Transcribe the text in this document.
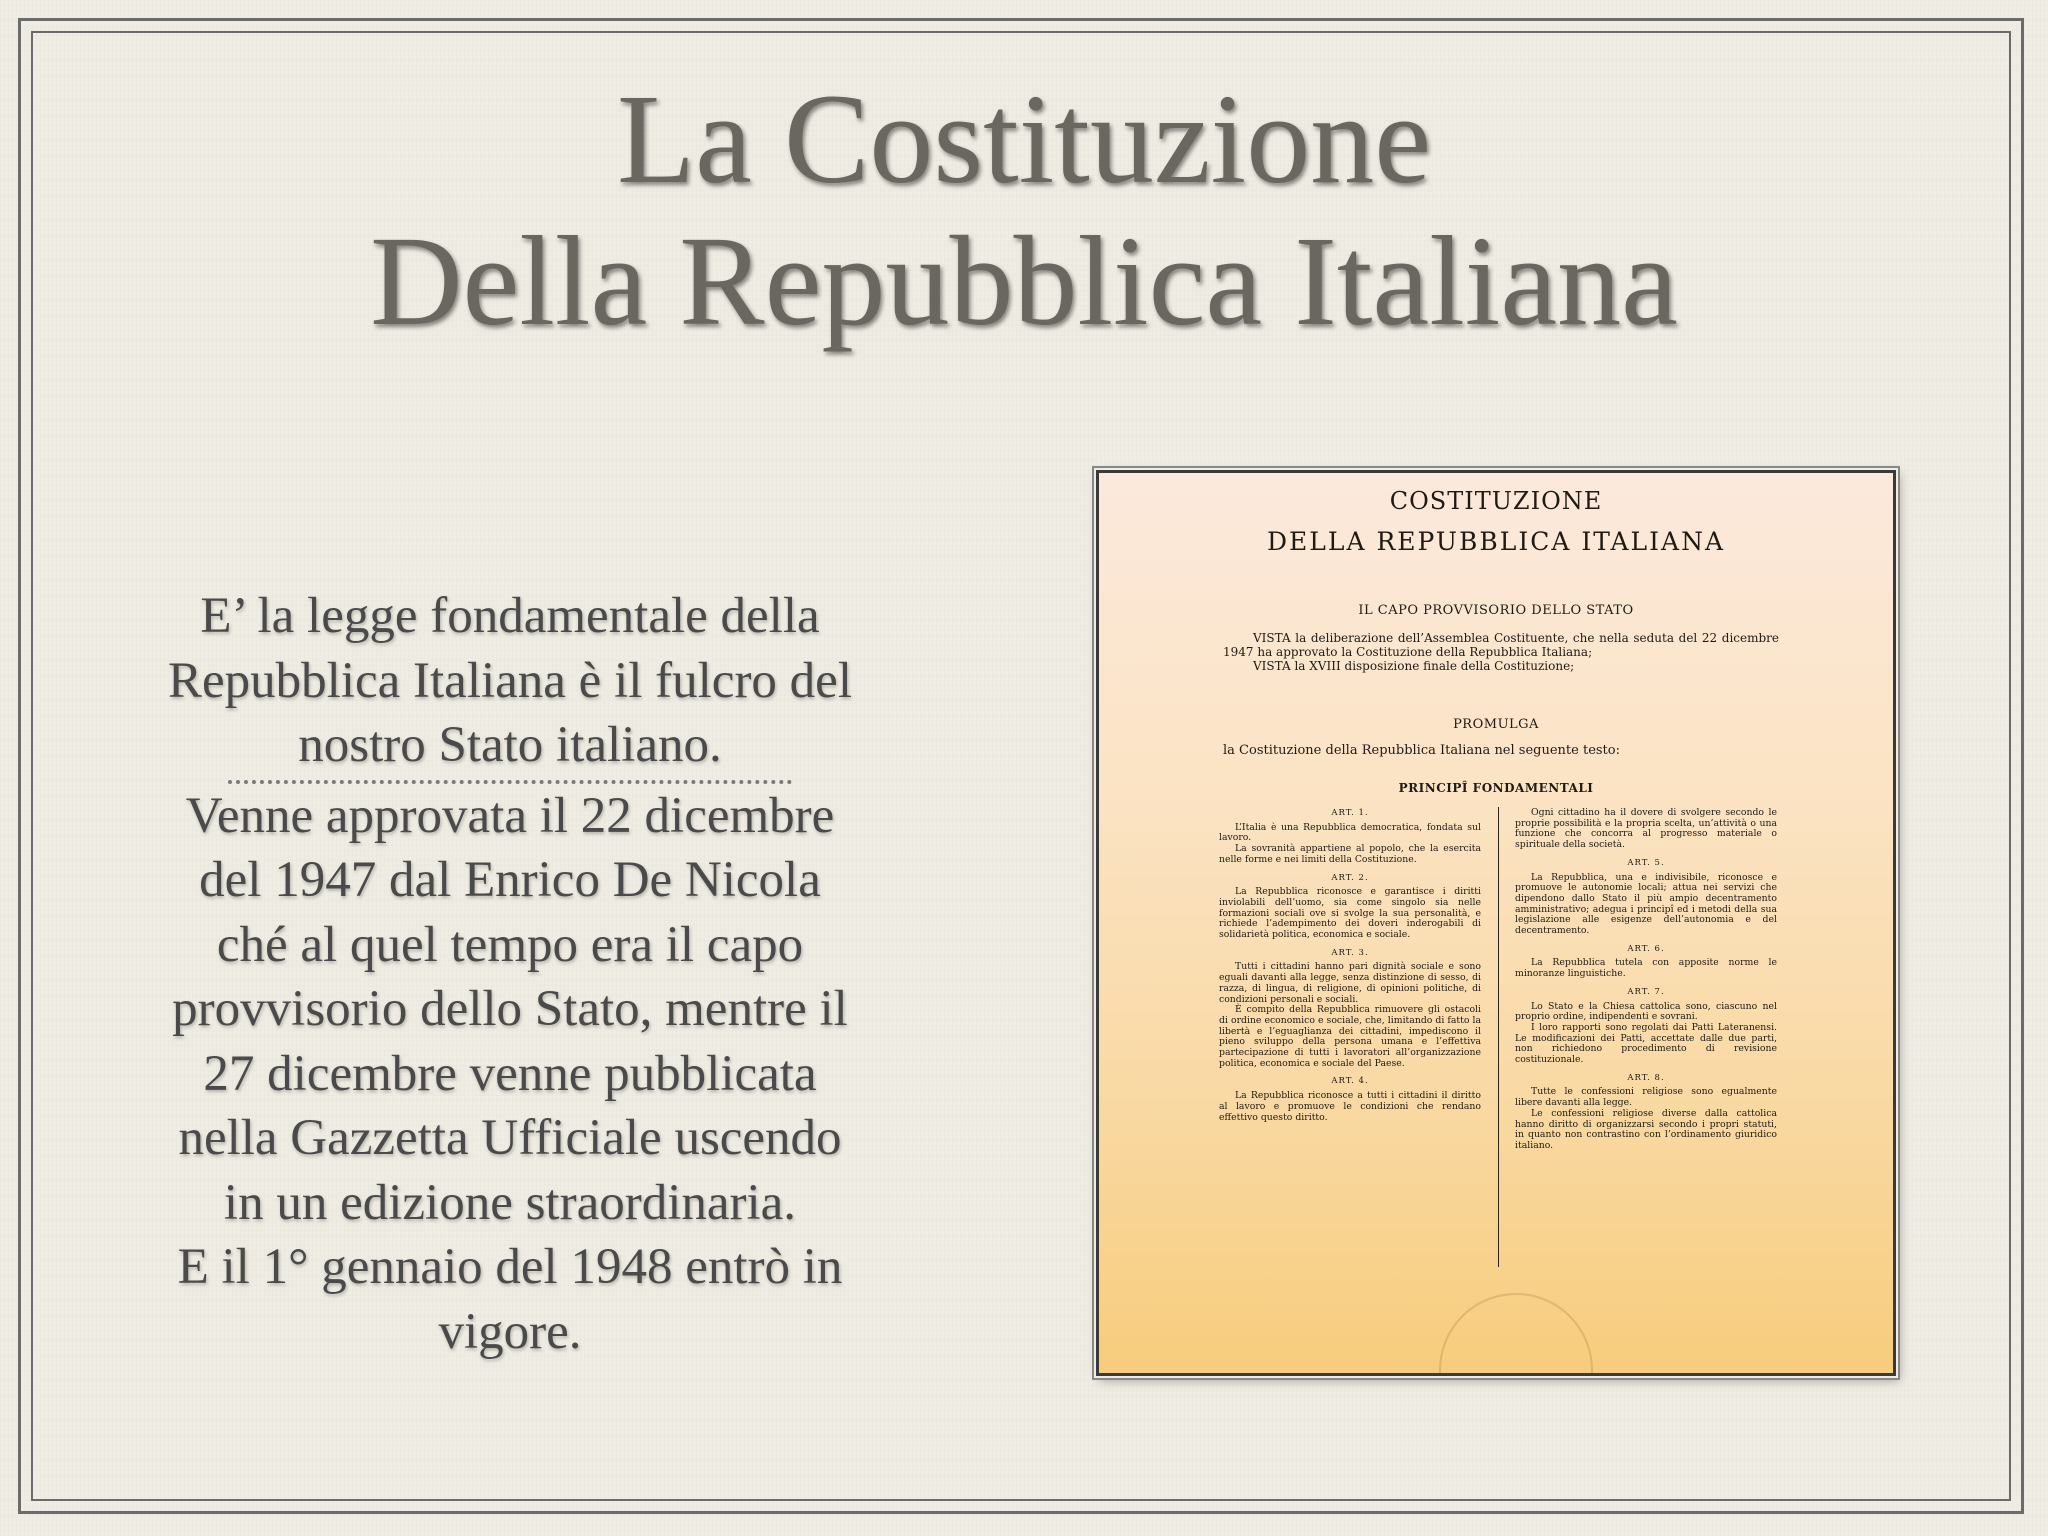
La Costituzione
Della Repubblica Italiana
E’ la legge fondamentale della
Repubblica Italiana è il fulcro del
nostro Stato italiano.
Venne approvata il 22 dicembre
del 1947 dal Enrico De Nicola
ché al quel tempo era il capo
provvisorio dello Stato, mentre il
27 dicembre venne pubblicata
nella Gazzetta Ufficiale uscendo
in un edizione straordinaria.
E il 1° gennaio del 1948 entrò in
vigore.
COSTITUZIONE
DELLA REPUBBLICA ITALIANA
IL CAPO PROVVISORIO DELLO STATO

VISTA la deliberazione dell’Assemblea Costituente, che nella seduta del 22 dicembre 1947 ha approvato la Costituzione della Repubblica Italiana;

VISTA la XVIII disposizione finale della Costituzione;

PROMULGA
la Costituzione della Repubblica Italiana nel seguente testo:
PRINCIPÎ FONDAMENTALI

ART. 1.

L’Italia è una Repubblica democratica, fondata sul lavoro.

La sovranità appartiene al popolo, che la esercita nelle forme e nei limiti della Costituzione.

ART. 2.

La Repubblica riconosce e garantisce i diritti inviolabili dell’uomo, sia come singolo sia nelle formazioni sociali ove si svolge la sua personalità, e richiede l’adempimento dei doveri inderogabili di solidarietà politica, economica e sociale.

ART. 3.

Tutti i cittadini hanno pari dignità sociale e sono eguali davanti alla legge, senza distinzione di sesso, di razza, di lingua, di religione, di opinioni politiche, di condizioni personali e sociali.

È compito della Repubblica rimuovere gli ostacoli di ordine economico e sociale, che, limitando di fatto la libertà e l’eguaglianza dei cittadini, impediscono il pieno sviluppo della persona umana e l’effettiva partecipazione di tutti i lavoratori all’organizzazione politica, economica e sociale del Paese.

ART. 4.

La Repubblica riconosce a tutti i cittadini il diritto al lavoro e promuove le condizioni che rendano effettivo questo diritto.

Ogni cittadino ha il dovere di svolgere secondo le proprie possibilità e la propria scelta, un’attività o una funzione che concorra al progresso materiale o spirituale della società.

ART. 5.

La Repubblica, una e indivisibile, riconosce e promuove le autonomie locali; attua nei servizi che dipendono dallo Stato il più ampio decentramento amministrativo; adegua i principî ed i metodi della sua legislazione alle esigenze dell’autonomia e del decentramento.

ART. 6.

La Repubblica tutela con apposite norme le minoranze linguistiche.

ART. 7.

Lo Stato e la Chiesa cattolica sono, ciascuno nel proprio ordine, indipendenti e sovrani.

I loro rapporti sono regolati dai Patti Lateranensi. Le modificazioni dei Patti, accettate dalle due parti, non richiedono procedimento di revisione costituzionale.

ART. 8.

Tutte le confessioni religiose sono egualmente libere davanti alla legge.

Le confessioni religiose diverse dalla cattolica hanno diritto di organizzarsi secondo i propri statuti, in quanto non contrastino con l’ordinamento giuridico italiano.
